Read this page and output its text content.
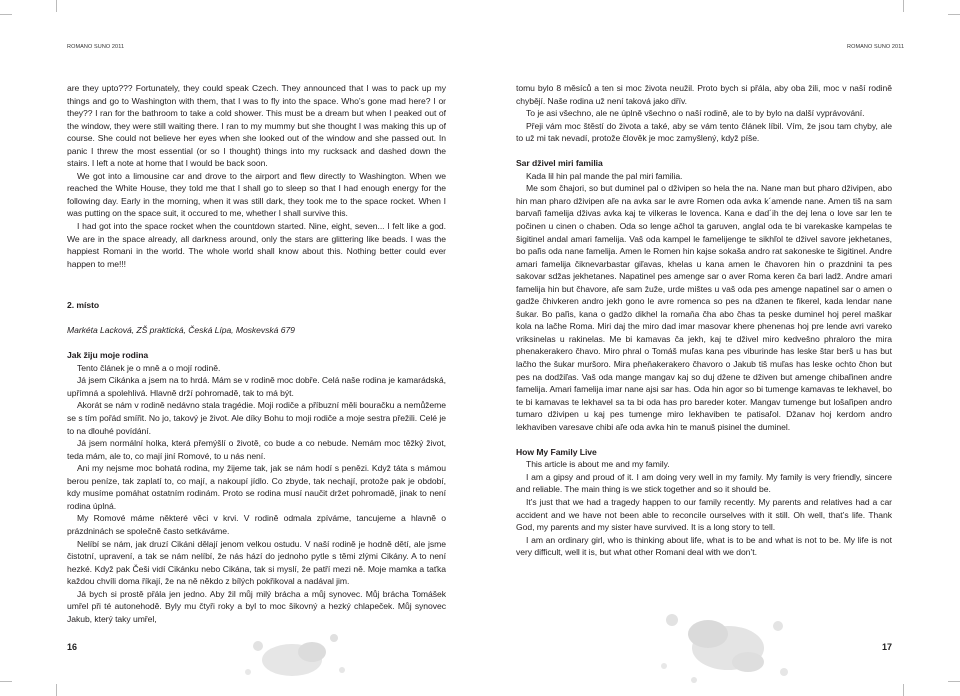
ROMANO SUNO 2011

are they upto??? Fortunately, they could speak Czech. They announced that I was to pack up my things and go to Washington with them, that I was to fly into the space. Who’s gone mad here? I or they?? I ran for the bathroom to take a cold shower. This must be a dream but when I peaked out of the window, they were still waiting there. I ran to my mummy but she thought I was making this up of course. She could not believe her eyes when she looked out of the window and she passed out. In panic I threw the most essential (or so I thought) things into my rucksack and dashed down the stairs. I left a note at home that I would be back soon.

We got into a limousine car and drove to the airport and flew directly to Washington. When we reached the White House, they told me that I shall go to sleep so that I had enough energy for the following day. Early in the morning, when it was still dark, they took me to the space rocket. When I was putting on the space suit, it occured to me, whether I shall survive this.

I had got into the space rocket when the countdown started. Nine, eight, seven... I felt like a god. We are in the space already, all darkness around, only the stars are glittering like beads. I was the happiest Romani in the world. The whole world shall know about this. Nothing better could ever happen to me!!!

2. místo

Markéta Lacková, ZŠ praktická, Česká Lípa, Moskevská 679

Jak žiju moje rodina

Tento článek je o mně a o mojí rodině.

Já jsem Cikánka a jsem na to hrdá. Mám se v rodině moc dobře. Celá naše rodina je kamarádská, upřímná a spolehlivá. Hlavně drží pohromadě, tak to má být.

Akorát se nám v rodině nedávno stala tragédie. Moji rodiče a příbuzní měli bouračku a nemůžeme se s tím pořád smířit. No jo, takový je život. Ale díky Bohu to moji rodiče a moje sestra přežili. Celé je to na dlouhé povídání.

Já jsem normální holka, která přemýšlí o životě, co bude a co nebude. Nemám moc těžký život, teda mám, ale to, co mají jiní Romové, to u nás není.

Ani my nejsme moc bohatá rodina, my žijeme tak, jak se nám hodí s penězi. Když táta s mámou berou peníze, tak zaplatí to, co mají, a nakoupí jídlo. Co zbyde, tak nechají, protože pak je období, kdy musíme pomáhat ostatním rodinám. Proto se rodina musí naučit držet pohromadě, jinak to není rodina úplná.

My Romové máme některé věci v krvi. V rodině odmala zpíváme, tancujeme a hlavně o prázdninách se společně často setkáváme.

Nelíbí se nám, jak druzí Cikáni dělají jenom velkou ostudu. V naší rodině je hodně dětí, ale jsme čistotní, upravení, a tak se nám nelíbí, že nás hází do jednoho pytle s těmi zlými Cikány. A to není hezké. Když pak Češi vidí Cikánku nebo Cikána, tak si myslí, že patří mezi ně. Moje mamka a taťka každou chvíli doma říkají, že na ně někdo z bílých pokřikoval a nadával jim.

Já bych si prostě přála jen jedno. Aby žil můj milý brácha a můj synovec. Můj brácha Tomášek umřel při té autonehodě. Byly mu čtyři roky a byl to moc šikovný a hezký chlapeček. Můj synovec Jakub, který taky umřel,

16
ROMANO SUNO 2011

tomu bylo 8 měsíců a ten si moc života neužil. Proto bych si přála, aby oba žili, moc v naší rodině chybějí. Naše rodina už není taková jako dřív.

To je asi všechno, ale ne úplně všechno o naší rodině, ale to by bylo na další vyprávování.

Přeji vám moc štěstí do života a také, aby se vám tento článek líbil. Vím, že jsou tam chyby, ale to už mi tak nevadí, protože člověk je moc zamyšlený, když píše.

Sar dživel miri familia

Kada lil hin pal mande the pal miri familia.

Me som čhajori, so but duminel pal o dživipen so hela the na. Nane man but pharo dživipen, abo hin man pharo dživipen aľe na avka sar le avre Romen oda avka k´amende nane. Amen tiš na sam barvaľi famelija dživas avka kaj te vilkeras le lovenca. Kana e dad´ih the dej lena o love sar len te počinen u cinen o chaben. Oda so lenge ačhol ta garuven, anglal oda te bi varekaske kampelas te šigitinel andal amari famelija. Vaš oda kampel le famelijenge te sikhľol te dživel savore jekhetanes, bo paľis oda nane famelija. Amen le Romen hin kajse sokaša andro rat sakoneske te šigitinel. Andre amari famelija čiknevarbastar giľavas, khelas u kana amen le čhavoren hin o prazdnini ta pes sakovar sdžas jekhetanes. Napatinel pes amenge sar o aver Roma keren ča bari ladž. Andre amari famelija hin but čhavore, aľe sam žuže, urde mištes u vaš oda pes amenge napatinel sar o amen o gadže čhivkeren andro jekh gono le avre romenca so pes na džanen te fikerel, kada lendar nane šukar. Bo paľis, kana o gadžo dikhel la romaňa čha abo čhas ta peske duminel hoj perel maškar kola na lačhe Roma. Miri daj the miro dad imar masovar khere phenenas hoj pre lende avri vareko vriksinelas u rakinelas. Me bi kamavas ča jekh, kaj te dživel miro kedvešno phraloro the mira phenakerakero čhavo. Miro phral o Tomáš muľas kana pes viburinde has leske štar berš u has but lačho the šukar muršoro. Mira pheňakerakero čhavoro o Jakub tiš muľas has leske ochto čhon but pes na dodžiľas. Vaš oda mange mangav kaj so duj džene te dživen but amenge chibaľinen andre famelija. Amari famelija imar nane ajsi sar has. Oda hin agor so bi tumenge kamavas te lekhavel, bo te bi kamavas te lekhavel sa ta bi oda has pro bareder koter. Mangav tumenge but lošaľipen andro tumaro dživipen u kaj pes tumenge miro lekhaviben te patisaľol. Džanav hoj kerdom andro lekhaviben varesave chibi aľe oda avka hin te manuš pisinel the duminel.

How My Family Live

This article is about me and my family.

I am a gipsy and proud of it. I am doing very well in my family. My family is very friendly, sincere and reliable. The main thing is we stick together and so it should be.

It’s just that we had a tragedy happen to our family recently. My parents and relatives had a car accident and we have not been able to reconcile ourselves with it still. Oh well, that’s life. Thank God, my parents and my sister have survived. It is a long story to tell.

I am an ordinary girl, who is thinking about life, what is to be and what is not to be. My life is not very difficult, well it is, but what other Romani deal with we don’t.

17
